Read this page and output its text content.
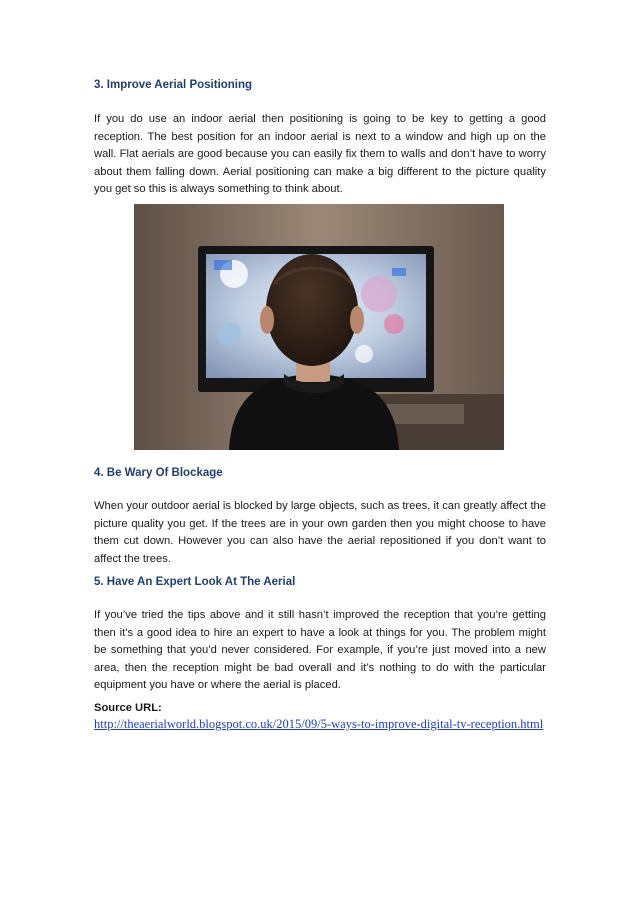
3. Improve Aerial Positioning

If you do use an indoor aerial then positioning is going to be key to getting a good reception. The best position for an indoor aerial is next to a window and high up on the wall. Flat aerials are good because you can easily fix them to walls and don’t have to worry about them falling down. Aerial positioning can make a big different to the picture quality you get so this is always something to think about.

4. Be Wary Of Blockage

When your outdoor aerial is blocked by large objects, such as trees, it can greatly affect the picture quality you get. If the trees are in your own garden then you might choose to have them cut down. However you can also have the aerial repositioned if you don’t want to affect the trees.

5. Have An Expert Look At The Aerial

If you’ve tried the tips above and it still hasn’t improved the reception that you’re getting then it’s a good idea to hire an expert to have a look at things for you. The problem might be something that you’d never considered. For example, if you’re just moved into a new area, then the reception might be bad overall and it’s nothing to do with the particular equipment you have or where the aerial is placed.

Source URL:
http://theaerialworld.blogspot.co.uk/2015/09/5-ways-to-improve-digital-tv-reception.html
